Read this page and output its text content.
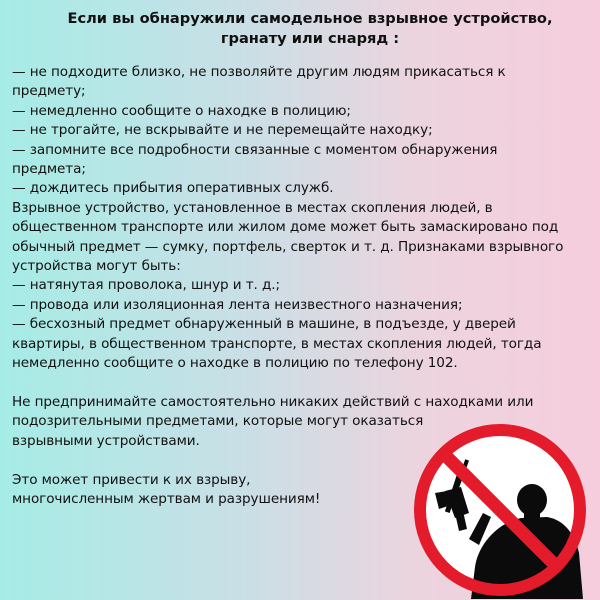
Если вы обнаружили самодельное взрывное устройство,
гранату или снаряд :

— не подходите близко, не позволяйте другим людям прикасаться к

предмету;

— немедленно сообщите о находке в полицию;

— не трогайте, не вскрывайте и не перемещайте находку;

— запомните все подробности связанные с моментом обнаружения

предмета;

— дождитесь прибытия оперативных служб.

Взрывное устройство, установленное в местах скопления людей, в

общественном транспорте или жилом доме может быть замаскировано под

обычный предмет — сумку, портфель, сверток и т. д. Признаками взрывного

устройства могут быть:

— натянутая проволока, шнур и т. д.;

— провода или изоляционная лента неизвестного назначения;

— бесхозный предмет обнаруженный в машине, в подъезде, у дверей

квартиры, в общественном транспорте, в местах скопления людей, тогда

немедленно сообщите о находке в полицию по телефону 102.

Не предпринимайте самостоятельно никаких действий с находками или

подозрительными предметами, которые могут оказаться

взрывными устройствами.

Это может привести к их взрыву,

многочисленным жертвам и разрушениям!
